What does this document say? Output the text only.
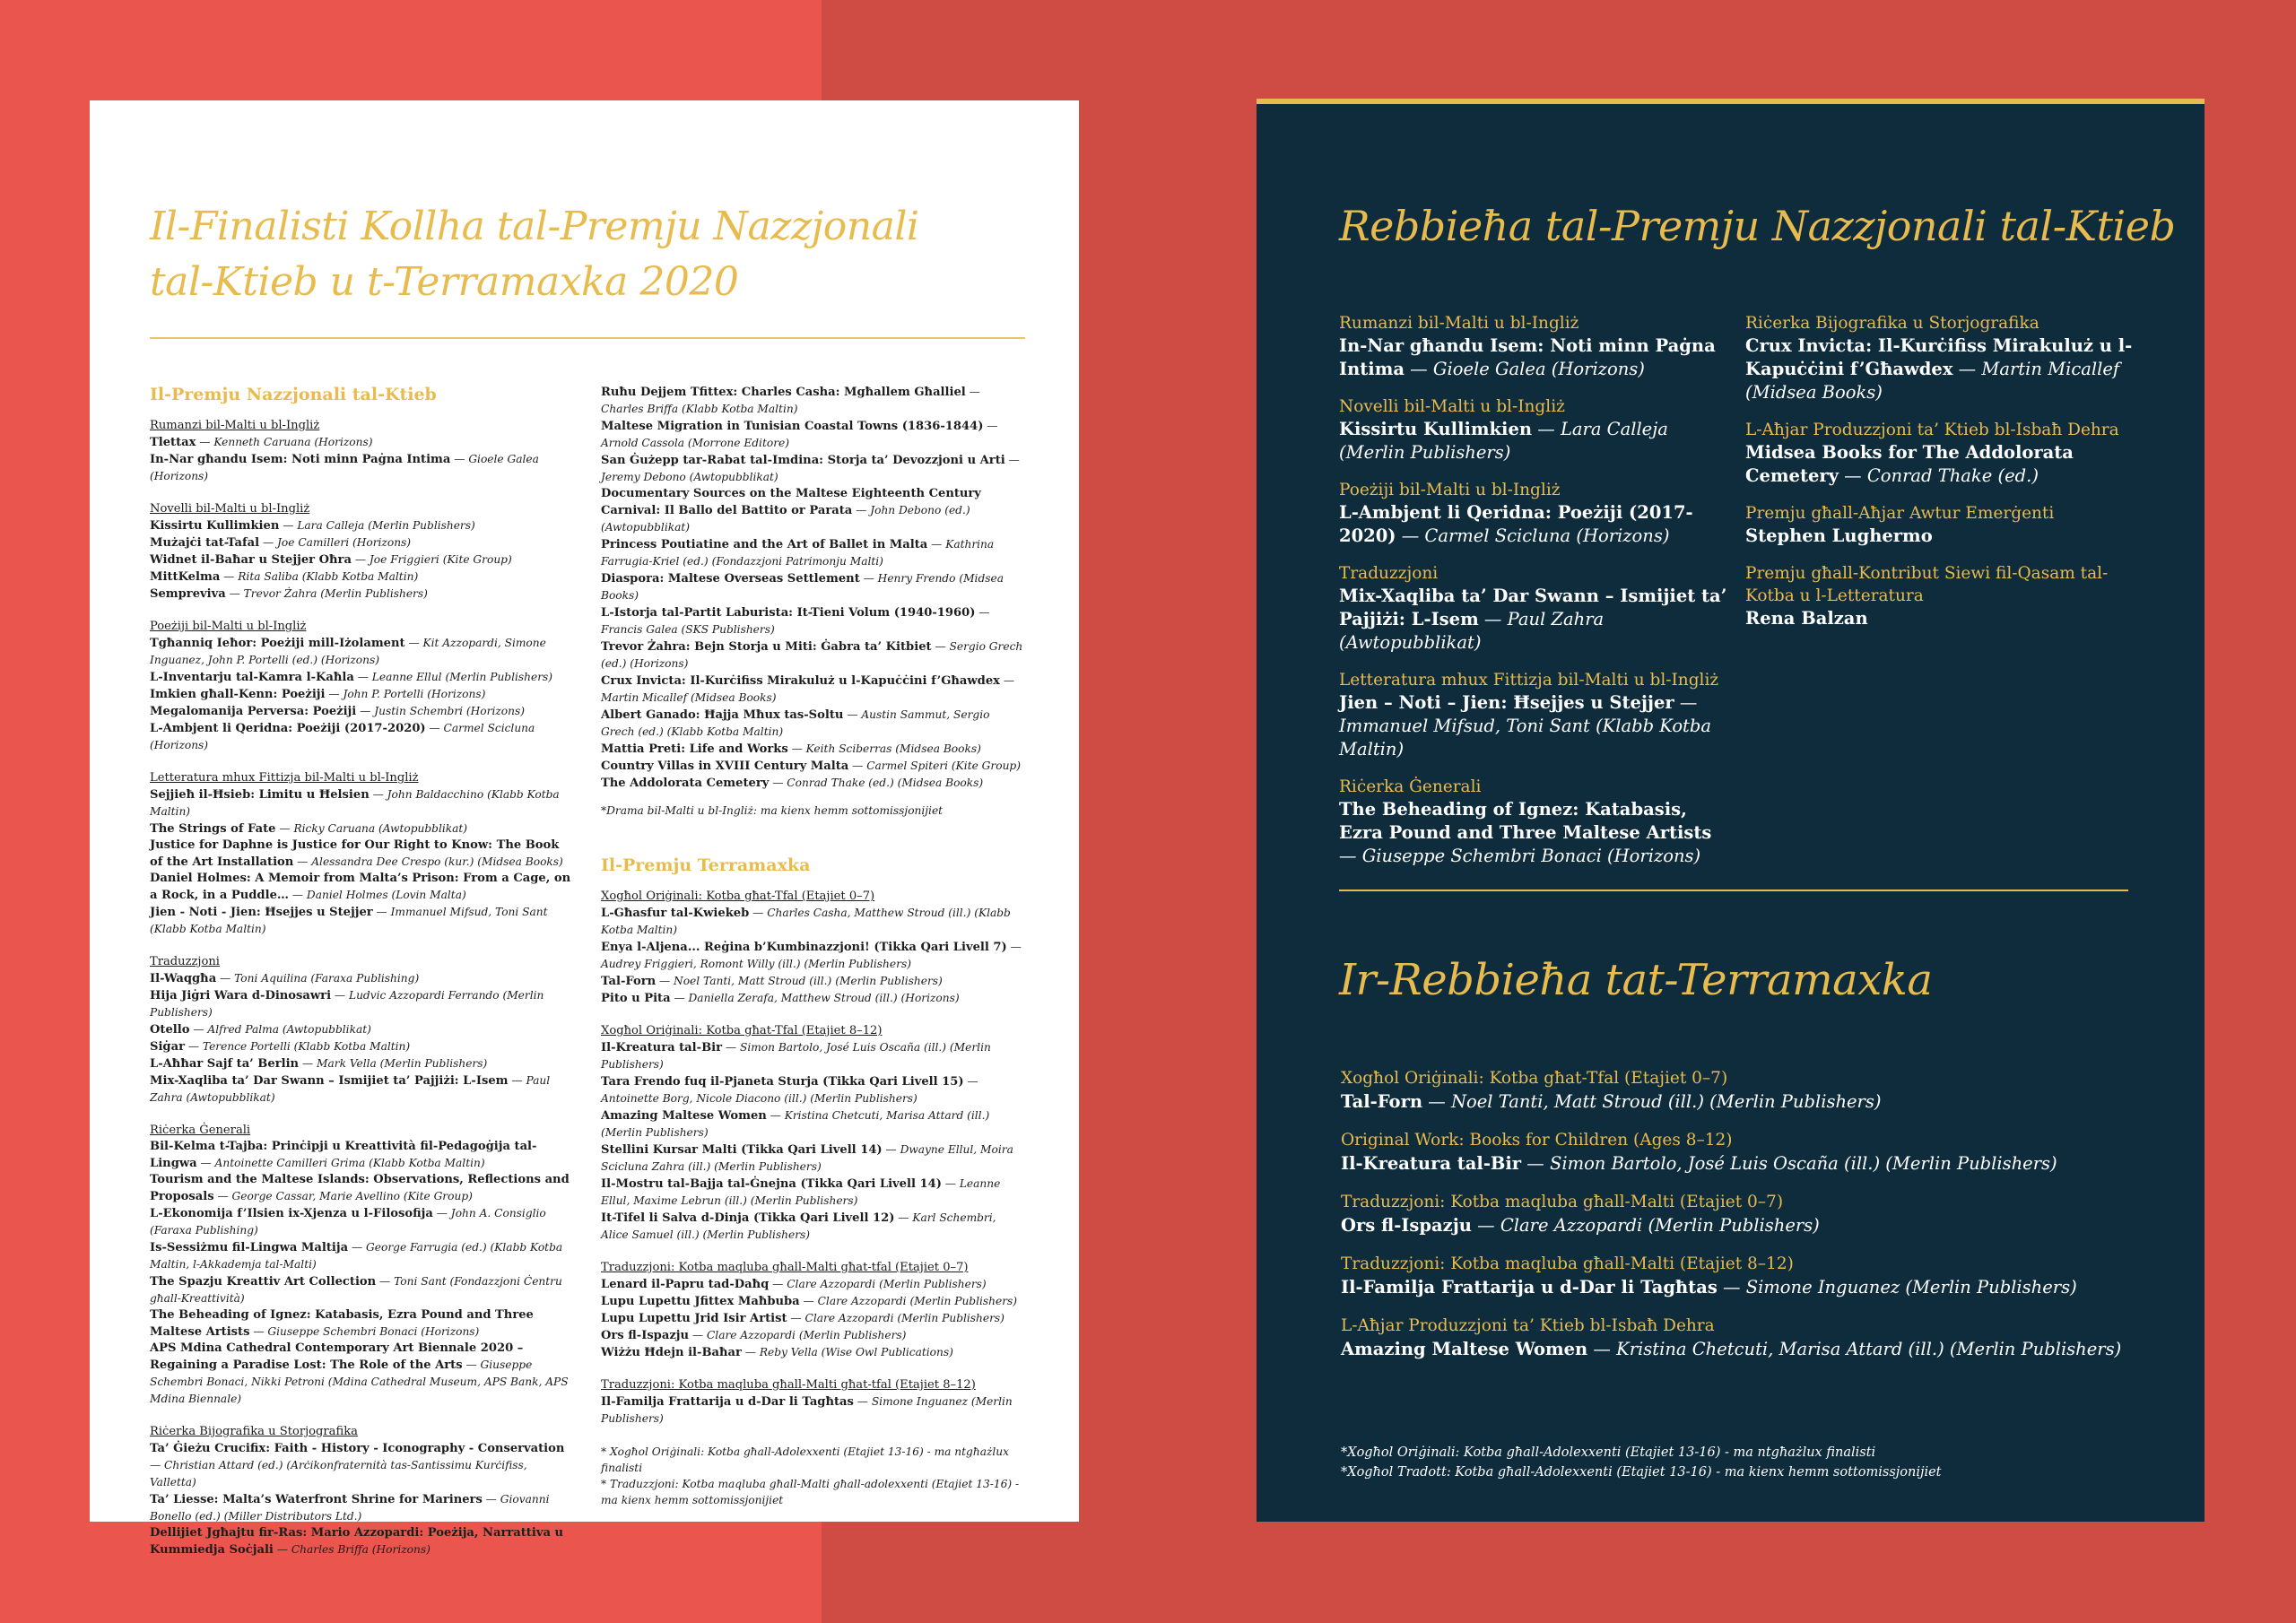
Il-Finalisti Kollha tal-Premju Nazzjonali
tal-Ktieb u t-Terramaxka 2020
Il-Premju Nazzjonali tal-Ktieb
Rumanzi bil-Malti u bl-Ingliż
Tlettax — Kenneth Caruana (Horizons)
In-Nar għandu Isem: Noti minn Paġna Intima — Gioele Galea (Horizons)
Novelli bil-Malti u bl-Ingliż
Kissirtu Kullimkien — Lara Calleja (Merlin Publishers)
Mużajċi tat-Tafal — Joe Camilleri (Horizons)
Widnet il-Baħar u Stejjer Oħra — Joe Friggieri (Kite Group)
MittKelma — Rita Saliba (Klabb Kotba Maltin)
Sempreviva — Trevor Żahra (Merlin Publishers)
Poeżiji bil-Malti u bl-Ingliż
Tgħanniq Ieħor: Poeżiji mill-Iżolament — Kit Azzopardi, Simone Inguanez, John P. Portelli (ed.) (Horizons)
L-Inventarju tal-Kamra l-Kaħla — Leanne Ellul (Merlin Publishers)
Imkien għall-Kenn: Poeżiji — John P. Portelli (Horizons)
Megalomanija Perversa: Poeżiji — Justin Schembri (Horizons)
L-Ambjent li Qeridna: Poeżiji (2017-2020) — Carmel Scicluna (Horizons)
Letteratura mhux Fittizja bil-Malti u bl-Ingliż
Sejjieħ il-Ħsieb: Limitu u Ħelsien — John Baldacchino (Klabb Kotba Maltin)
The Strings of Fate — Ricky Caruana (Awtopubblikat)
Justice for Daphne is Justice for Our Right to Know: The Book of the Art Installation — Alessandra Dee Crespo (kur.) (Midsea Books)
Daniel Holmes: A Memoir from Malta’s Prison: From a Cage, on a Rock, in a Puddle… — Daniel Holmes (Lovin Malta)
Jien - Noti - Jien: Ħsejjes u Stejjer — Immanuel Mifsud, Toni Sant (Klabb Kotba Maltin)
Traduzzjoni
Il-Waqgħa — Toni Aquilina (Faraxa Publishing)
Hija Jiġri Wara d-Dinosawri — Ludvic Azzopardi Ferrando (Merlin Publishers)
Otello — Alfred Palma (Awtopubblikat)
Siġar — Terence Portelli (Klabb Kotba Maltin)
L-Aħħar Sajf ta’ Berlin — Mark Vella (Merlin Publishers)
Mix-Xaqliba ta’ Dar Swann – Ismijiet ta’ Pajjiżi: L-Isem — Paul Zahra (Awtopubblikat)
Riċerka Ġenerali
Bil-Kelma t-Tajba: Prinċipji u Kreattività fil-Pedagoġija tal-Lingwa — Antoinette Camilleri Grima (Klabb Kotba Maltin)
Tourism and the Maltese Islands: Observations, Reflections and Proposals — George Cassar, Marie Avellino (Kite Group)
L-Ekonomija f’Ilsien ix-Xjenza u l-Filosofija — John A. Consiglio (Faraxa Publishing)
Is-Sessiżmu fil-Lingwa Maltija — George Farrugia (ed.) (Klabb Kotba Maltin, l-Akkademja tal-Malti)
The Spazju Kreattiv Art Collection — Toni Sant (Fondazzjoni Ċentru għall-Kreattività)
The Beheading of Ignez: Katabasis, Ezra Pound and Three Maltese Artists — Giuseppe Schembri Bonaci (Horizons)
APS Mdina Cathedral Contemporary Art Biennale 2020 – Regaining a Paradise Lost: The Role of the Arts — Giuseppe Schembri Bonaci, Nikki Petroni (Mdina Cathedral Museum, APS Bank, APS Mdina Biennale)
Riċerka Bijografika u Storjografika
Ta’ Ġieżu Crucifix: Faith - History - Iconography - Conservation — Christian Attard (ed.) (Arċikonfraternità tas-Santissimu Kurċifiss, Valletta)
Ta’ Liesse: Malta’s Waterfront Shrine for Mariners — Giovanni Bonello (ed.) (Miller Distributors Ltd.)
Dellijiet Jgħajtu fir-Ras: Mario Azzopardi: Poeżija, Narrattiva u Kummiedja Soċjali — Charles Briffa (Horizons)
Ruħu Dejjem Tfittex: Charles Casha: Mgħallem Għalliel — Charles Briffa (Klabb Kotba Maltin)
Maltese Migration in Tunisian Coastal Towns (1836-1844) — Arnold Cassola (Morrone Editore)
San Ġużepp tar-Rabat tal-Imdina: Storja ta’ Devozzjoni u Arti — Jeremy Debono (Awtopubblikat)
Documentary Sources on the Maltese Eighteenth Century Carnival: Il Ballo del Battito or Parata — John Debono (ed.) (Awtopubblikat)
Princess Poutiatine and the Art of Ballet in Malta — Kathrina Farrugia-Kriel (ed.) (Fondazzjoni Patrimonju Malti)
Diaspora: Maltese Overseas Settlement — Henry Frendo (Midsea Books)
L-Istorja tal-Partit Laburista: It-Tieni Volum (1940-1960) — Francis Galea (SKS Publishers)
Trevor Żahra: Bejn Storja u Miti: Ġabra ta’ Kitbiet — Sergio Grech (ed.) (Horizons)
Crux Invicta: Il-Kurċifiss Mirakuluż u l-Kapuċċini f’Għawdex — Martin Micallef (Midsea Books)
Albert Ganado: Ħajja Mħux tas-Soltu — Austin Sammut, Sergio Grech (ed.) (Klabb Kotba Maltin)
Mattia Preti: Life and Works — Keith Sciberras (Midsea Books)
Country Villas in XVIII Century Malta — Carmel Spiteri (Kite Group)
The Addolorata Cemetery — Conrad Thake (ed.) (Midsea Books)
*Drama bil-Malti u bl-Ingliż: ma kienx hemm sottomissjonijiet
Il-Premju Terramaxka
Xogħol Oriġinali: Kotba għat-Tfal (Etajiet 0–7)
L-Għasfur tal-Kwiekeb — Charles Casha, Matthew Stroud (ill.) (Klabb Kotba Maltin)
Enya l-Aljena... Reġina b’Kumbinazzjoni! (Tikka Qari Livell 7) — Audrey Friggieri, Romont Willy (ill.) (Merlin Publishers)
Tal-Forn — Noel Tanti, Matt Stroud (ill.) (Merlin Publishers)
Pito u Pita — Daniella Zerafa, Matthew Stroud (ill.) (Horizons)
Xogħol Oriġinali: Kotba għat-Tfal (Etajiet 8–12)
Il-Kreatura tal-Bir — Simon Bartolo, José Luis Oscaña (ill.) (Merlin Publishers)
Tara Frendo fuq il-Pjaneta Sturja (Tikka Qari Livell 15) — Antoinette Borg, Nicole Diacono (ill.) (Merlin Publishers)
Amazing Maltese Women — Kristina Chetcuti, Marisa Attard (ill.) (Merlin Publishers)
Stellini Kursar Malti (Tikka Qari Livell 14) — Dwayne Ellul, Moira Scicluna Zahra (ill.) (Merlin Publishers)
Il-Mostru tal-Bajja tal-Ġnejna (Tikka Qari Livell 14) — Leanne Ellul, Maxime Lebrun (ill.) (Merlin Publishers)
It-Tifel li Salva d-Dinja (Tikka Qari Livell 12) — Karl Schembri, Alice Samuel (ill.) (Merlin Publishers)
Traduzzjoni: Kotba maqluba għall-Malti għat-tfal (Etajiet 0–7)
Lenard il-Papru tad-Daħq — Clare Azzopardi (Merlin Publishers)
Lupu Lupettu Jfittex Maħbuba — Clare Azzopardi (Merlin Publishers)
Lupu Lupettu Jrid Isir Artist — Clare Azzopardi (Merlin Publishers)
Ors fl-Ispazju — Clare Azzopardi (Merlin Publishers)
Wiżżu Ħdejn il-Baħar — Reby Vella (Wise Owl Publications)
Traduzzjoni: Kotba maqluba għall-Malti għat-tfal (Etajiet 8–12)
Il-Familja Frattarija u d-Dar li Tagħtas — Simone Inguanez (Merlin Publishers)
* Xogħol Oriġinali: Kotba għall-Adolexxenti (Etajiet 13-16) - ma ntgħażlux finalisti
* Traduzzjoni: Kotba maqluba għall-Malti għall-adolexxenti (Etajiet 13-16) - ma kienx hemm sottomissjonijiet
Rebbieħa tal-Premju Nazzjonali tal-Ktieb
Rumanzi bil-Malti u bl-Ingliż
In-Nar għandu Isem: Noti minn Paġna Intima — Gioele Galea (Horizons)
Novelli bil-Malti u bl-Ingliż
Kissirtu Kullimkien — Lara Calleja (Merlin Publishers)
Poeżiji bil-Malti u bl-Ingliż
L-Ambjent li Qeridna: Poeżiji (2017-2020) — Carmel Scicluna (Horizons)
Traduzzjoni
Mix-Xaqliba ta’ Dar Swann – Ismijiet ta’ Pajjiżi: L-Isem — Paul Zahra (Awtopubblikat)
Letteratura mhux Fittizja bil-Malti u bl-Ingliż
Jien – Noti – Jien: Ħsejjes u Stejjer — Immanuel Mifsud, Toni Sant (Klabb Kotba Maltin)
Riċerka Ġenerali
The Beheading of Ignez: Katabasis, Ezra Pound and Three Maltese Artists — Giuseppe Schembri Bonaci (Horizons)
Riċerka Bijografika u Storjografika
Crux Invicta: Il-Kurċifiss Mirakuluż u l-Kapuċċini f’Għawdex — Martin Micallef (Midsea Books)
L-Aħjar Produzzjoni ta’ Ktieb bl-Isbaħ Dehra
Midsea Books for The Addolorata Cemetery — Conrad Thake (ed.)
Premju għall-Aħjar Awtur Emerġenti
Stephen Lughermo
Premju għall-Kontribut Siewi fil-Qasam tal-Kotba u l-Letteratura
Rena Balzan
Ir-Rebbieħa tat-Terramaxka
Xogħol Oriġinali: Kotba għat-Tfal (Etajiet 0–7)
Tal-Forn — Noel Tanti, Matt Stroud (ill.) (Merlin Publishers)
Original Work: Books for Children (Ages 8–12)
Il-Kreatura tal-Bir — Simon Bartolo, José Luis Oscaña (ill.) (Merlin Publishers)
Traduzzjoni: Kotba maqluba għall-Malti (Etajiet 0–7)
Ors fl-Ispazju — Clare Azzopardi (Merlin Publishers)
Traduzzjoni: Kotba maqluba għall-Malti (Etajiet 8–12)
Il-Familja Frattarija u d-Dar li Tagħtas — Simone Inguanez (Merlin Publishers)
L-Aħjar Produzzjoni ta’ Ktieb bl-Isbaħ Dehra
Amazing Maltese Women — Kristina Chetcuti, Marisa Attard (ill.) (Merlin Publishers)
*Xogħol Oriġinali: Kotba għall-Adolexxenti (Etajiet 13-16) - ma ntgħażlux finalisti
*Xogħol Tradott: Kotba għall-Adolexxenti (Etajiet 13-16) - ma kienx hemm sottomissjonijiet
